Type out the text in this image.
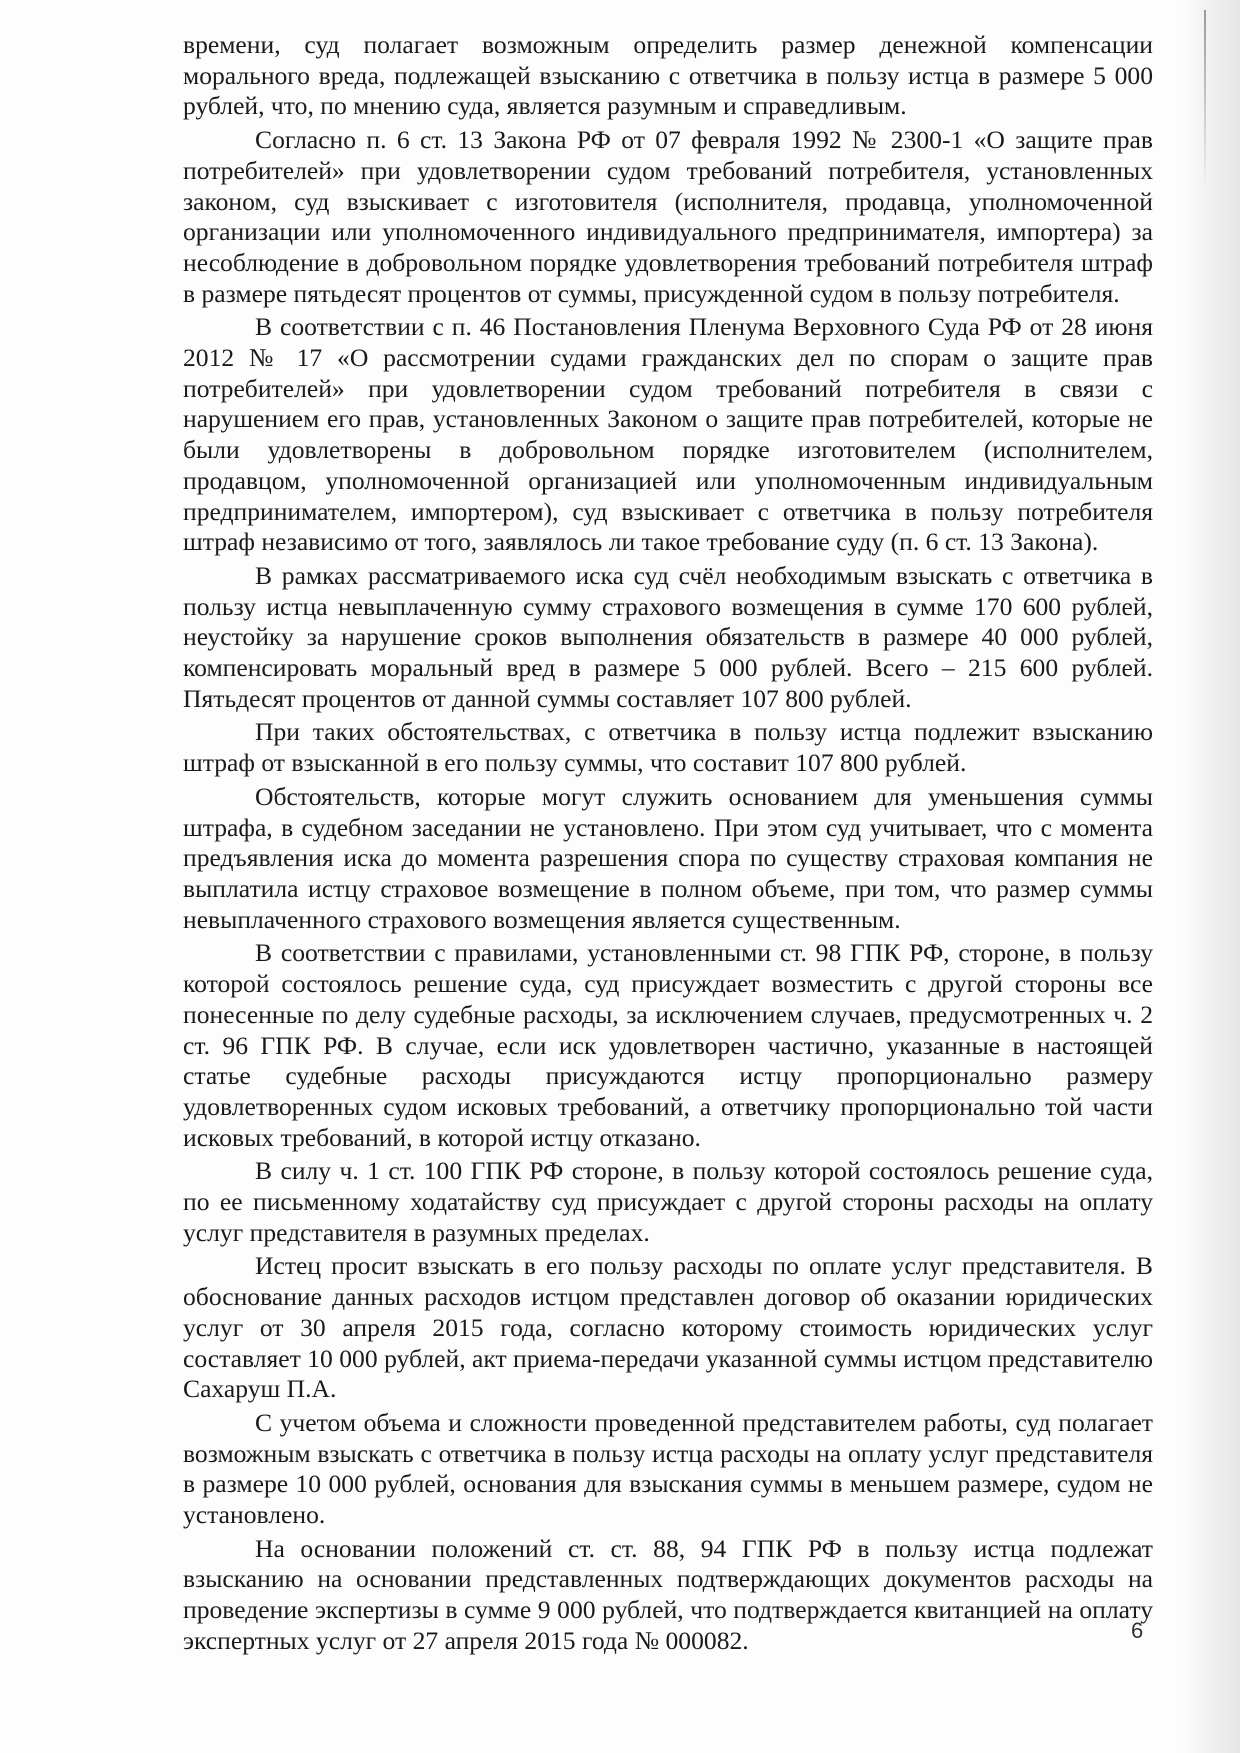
времени, суд полагает возможным определить размер денежной компенсации морального вреда, подлежащей взысканию с ответчика в пользу истца в размере 5 000 рублей, что, по мнению суда, является разумным и справедливым.

Согласно п. 6 ст. 13 Закона РФ от 07 февраля 1992 № 2300-1 «О защите прав потребителей» при удовлетворении судом требований потребителя, установленных законом, суд взыскивает с изготовителя (исполнителя, продавца, уполномоченной организации или уполномоченного индивидуального предпринимателя, импортера) за несоблюдение в добровольном порядке удовлетворения требований потребителя штраф в размере пятьдесят процентов от суммы, присужденной судом в пользу потребителя.

В соответствии с п. 46 Постановления Пленума Верховного Суда РФ от 28 июня 2012 № 17 «О рассмотрении судами гражданских дел по спорам о защите прав потребителей» при удовлетворении судом требований потребителя в связи с нарушением его прав, установленных Законом о защите прав потребителей, которые не были удовлетворены в добровольном порядке изготовителем (исполнителем, продавцом, уполномоченной организацией или уполномоченным индивидуальным предпринимателем, импортером), суд взыскивает с ответчика в пользу потребителя штраф независимо от того, заявлялось ли такое требование суду (п. 6 ст. 13 Закона).

В рамках рассматриваемого иска суд счёл необходимым взыскать с ответчика в пользу истца невыплаченную сумму страхового возмещения в сумме 170 600 рублей, неустойку за нарушение сроков выполнения обязательств в размере 40 000 рублей, компенсировать моральный вред в размере 5 000 рублей. Всего – 215 600 рублей. Пятьдесят процентов от данной суммы составляет 107 800 рублей.

При таких обстоятельствах, с ответчика в пользу истца подлежит взысканию штраф от взысканной в его пользу суммы, что составит 107 800 рублей.

Обстоятельств, которые могут служить основанием для уменьшения суммы штрафа, в судебном заседании не установлено. При этом суд учитывает, что с момента предъявления иска до момента разрешения спора по существу страховая компания не выплатила истцу страховое возмещение в полном объеме, при том, что размер суммы невыплаченного страхового возмещения является существенным.

В соответствии с правилами, установленными ст. 98 ГПК РФ, стороне, в пользу которой состоялось решение суда, суд присуждает возместить с другой стороны все понесенные по делу судебные расходы, за исключением случаев, предусмотренных ч. 2 ст. 96 ГПК РФ. В случае, если иск удовлетворен частично, указанные в настоящей статье судебные расходы присуждаются истцу пропорционально размеру удовлетворенных судом исковых требований, а ответчику пропорционально той части исковых требований, в которой истцу отказано.

В силу ч. 1 ст. 100 ГПК РФ стороне, в пользу которой состоялось решение суда, по ее письменному ходатайству суд присуждает с другой стороны расходы на оплату услуг представителя в разумных пределах.

Истец просит взыскать в его пользу расходы по оплате услуг представителя. В обоснование данных расходов истцом представлен договор об оказании юридических услуг от 30 апреля 2015 года, согласно которому стоимость юридических услуг составляет 10 000 рублей, акт приема-передачи указанной суммы истцом представителю Сахаруш П.А.

С учетом объема и сложности проведенной представителем работы, суд полагает возможным взыскать с ответчика в пользу истца расходы на оплату услуг представителя в размере 10 000 рублей, основания для взыскания суммы в меньшем размере, судом не установлено.

На основании положений ст. ст. 88, 94 ГПК РФ в пользу истца подлежат взысканию на основании представленных подтверждающих документов расходы на проведение экспертизы в сумме 9 000 рублей, что подтверждается квитанцией на оплату экспертных услуг от 27 апреля 2015 года № 000082.	6
